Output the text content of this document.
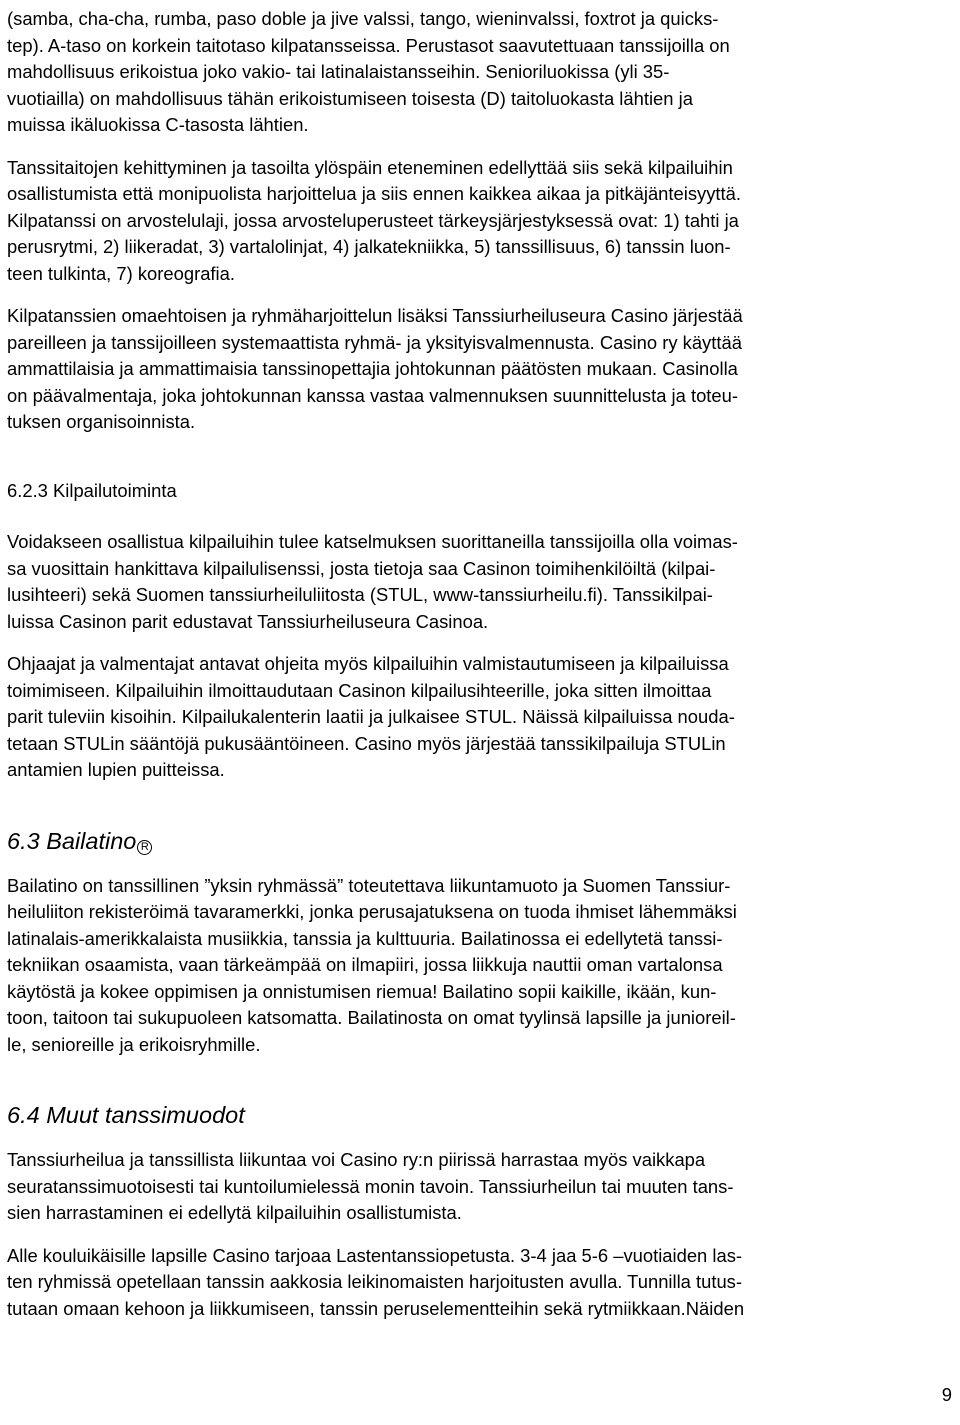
(samba, cha-cha, rumba, paso doble ja jive valssi, tango, wieninvalssi, foxtrot ja quicks-
tep). A-taso on korkein taitotaso kilpatansseissa. Perustasot saavutettuaan tanssijoilla on
mahdollisuus erikoistua joko vakio- tai latinalaistansseihin. Senioriluokissa (yli 35-
vuotiailla) on mahdollisuus tähän erikoistumiseen toisesta (D) taitoluokasta lähtien ja
muissa ikäluokissa C-tasosta lähtien.
Tanssitaitojen kehittyminen ja tasoilta ylöspäin eteneminen edellyttää siis sekä kilpailuihin
osallistumista että monipuolista harjoittelua ja siis ennen kaikkea aikaa ja pitkäjänteisyyttä.
Kilpatanssi on arvostelulaji, jossa arvosteluperusteet tärkeysjärjestyksessä ovat: 1) tahti ja
perusrytmi, 2) liikeradat, 3) vartalolinjat, 4) jalkatekniikka, 5) tanssillisuus, 6) tanssin luon-
teen tulkinta, 7) koreografia.
Kilpatanssien omaehtoisen ja ryhmäharjoittelun lisäksi Tanssiurheiluseura Casino järjestää
pareilleen ja tanssijoilleen systemaattista ryhmä- ja yksityisvalmennusta. Casino ry käyttää
ammattilaisia ja ammattimaisia tanssinopettajia johtokunnan päätösten mukaan. Casinolla
on päävalmentaja, joka johtokunnan kanssa vastaa valmennuksen suunnittelusta ja toteu-
tuksen organisoinnista.
6.2.3 Kilpailutoiminta
Voidakseen osallistua kilpailuihin tulee katselmuksen suorittaneilla tanssijoilla olla voimas-
sa vuosittain hankittava kilpailulisenssi, josta tietoja saa Casinon toimihenkilöiltä (kilpai-
lusihteeri) sekä Suomen tanssiurheiluliitosta (STUL, www-tanssiurheilu.fi). Tanssikilpai-
luissa Casinon parit edustavat Tanssiurheiluseura Casinoa.
Ohjaajat ja valmentajat antavat ohjeita myös kilpailuihin valmistautumiseen ja kilpailuissa
toimimiseen. Kilpailuihin ilmoittaudutaan Casinon kilpailusihteerille, joka sitten ilmoittaa
parit tuleviin kisoihin. Kilpailukalenterin laatii ja julkaisee STUL. Näissä kilpailuissa nouda-
tetaan STULin sääntöjä pukusääntöineen. Casino myös järjestää tanssikilpailuja STULin
antamien lupien puitteissa.
6.3 Bailatino R
Bailatino on tanssillinen ”yksin ryhmässä” toteutettava liikuntamuoto ja Suomen Tanssiur-
heiluliiton rekisteröimä tavaramerkki, jonka perusajatuksena on tuoda ihmiset lähemmäksi
latinalais-amerikkalaista musiikkia, tanssia ja kulttuuria. Bailatinossa ei edellytetä tanssi-
tekniikan osaamista, vaan tärkeämpää on ilmapiiri, jossa liikkuja nauttii oman vartalonsa
käytöstä ja kokee oppimisen ja onnistumisen riemua! Bailatino sopii kaikille, ikään, kun-
toon, taitoon tai sukupuoleen katsomatta. Bailatinosta on omat tyylinsä lapsille ja junioreil-
le, senioreille ja erikoisryhmille.
6.4 Muut tanssimuodot
Tanssiurheilua ja tanssillista liikuntaa voi Casino ry:n piirissä harrastaa myös vaikkapa
seuratanssimuotoisesti tai kuntoilumielessä monin tavoin. Tanssiurheilun tai muuten tans-
sien harrastaminen ei edellytä kilpailuihin osallistumista.
Alle kouluikäisille lapsille Casino tarjoaa Lastentanssiopetusta. 3-4 jaa 5-6 –vuotiaiden las-
ten ryhmissä opetellaan tanssin aakkosia leikinomaisten harjoitusten avulla. Tunnilla tutus-
tutaan omaan kehoon ja liikkumiseen, tanssin peruselementteihin sekä rytmiikkaan.Näiden
9
